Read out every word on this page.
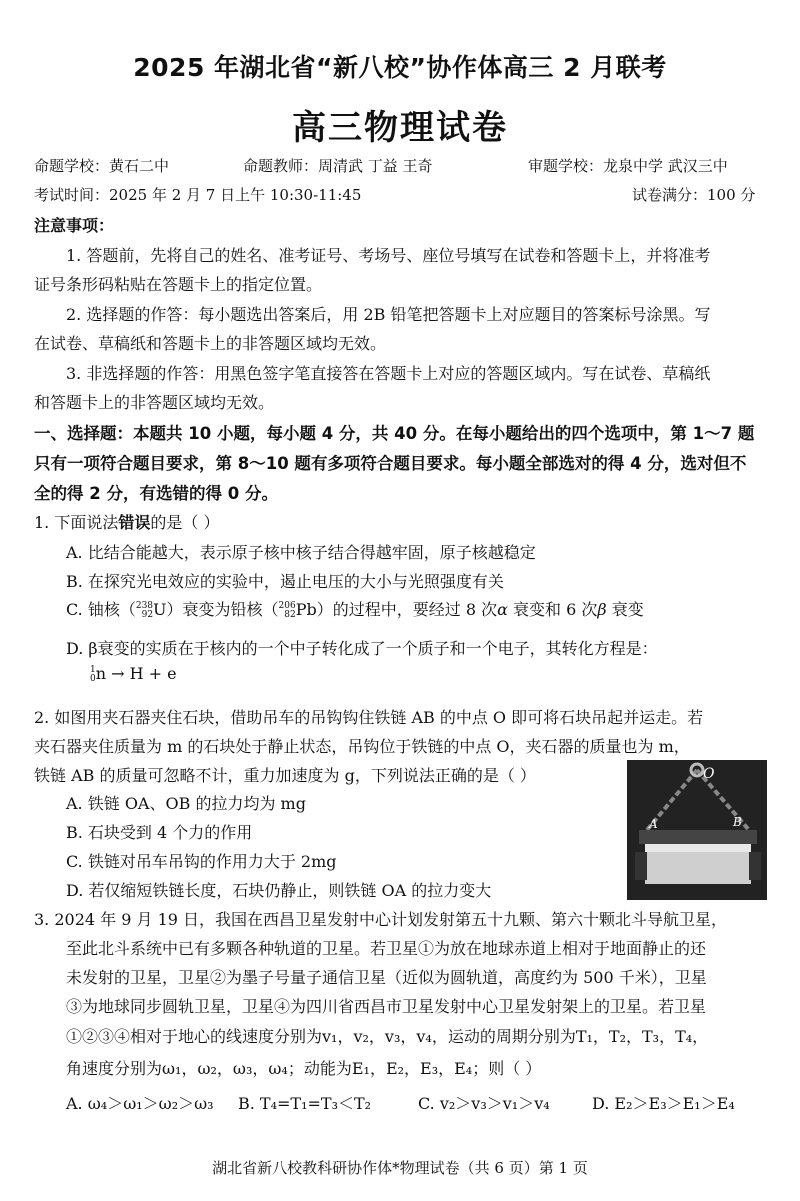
2025 年湖北省“新八校”协作体高三 2 月联考
高三物理试卷
命题学校：黄石二中	命题教师：周清武 丁益 王奇	审题学校：龙泉中学 武汉三中
考试时间：2025 年 2 月 7 日上午 10:30-11:45	试卷满分：100 分
注意事项：
1. 答题前，先将自己的姓名、准考证号、考场号、座位号填写在试卷和答题卡上，并将准考
证号条形码粘贴在答题卡上的指定位置。
2. 选择题的作答：每小题选出答案后，用 2B 铅笔把答题卡上对应题目的答案标号涂黑。写
在试卷、草稿纸和答题卡上的非答题区域均无效。
3. 非选择题的作答：用黑色签字笔直接答在答题卡上对应的答题区域内。写在试卷、草稿纸
和答题卡上的非答题区域均无效。
一、选择题：本题共 10 小题，每小题 4 分，共 40 分。在每小题给出的四个选项中，第 1～7 题
只有一项符合题目要求，第 8～10 题有多项符合题目要求。每小题全部选对的得 4 分，选对但不
全的得 2 分，有选错的得 0 分。
1. 下面说法错误的是（ ）
A. 比结合能越大，表示原子核中核子结合得越牢固，原子核越稳定
B. 在探究光电效应的实验中，遏止电压的大小与光照强度有关
C. 铀核（ 238
92 U）衰变为铅核（ 206
82 Pb）的过程中，要经过 8 次α 衰变和 6 次β 衰变
D. β衰变的实质在于核内的一个中子转化成了一个质子和一个电子，其转化方程是：
1
0 n → H + e
2. 如图用夹石器夹住石块，借助吊车的吊钩钩住铁链 AB 的中点 O 即可将石块吊起并运走。若
夹石器夹住质量为 m 的石块处于静止状态，吊钩位于铁链的中点 O，夹石器的质量也为 m，
铁链 AB 的质量可忽略不计，重力加速度为 g，下列说法正确的是（ ）
A. 铁链 OA、OB 的拉力均为 mg
B. 石块受到 4 个力的作用
C. 铁链对吊车吊钩的作用力大于 2mg
D. 若仅缩短铁链长度，石块仍静止，则铁链 OA 的拉力变大
O
A	B
3. 2024 年 9 月 19 日，我国在西昌卫星发射中心计划发射第五十九颗、第六十颗北斗导航卫星，
至此北斗系统中已有多颗各种轨道的卫星。若卫星①为放在地球赤道上相对于地面静止的还
未发射的卫星，卫星②为墨子号量子通信卫星（近似为圆轨道，高度约为 500 千米），卫星
③为地球同步圆轨卫星，卫星④为四川省西昌市卫星发射中心卫星发射架上的卫星。若卫星
①②③④相对于地心的线速度分别为v₁，v₂，v₃，v₄，运动的周期分别为T₁，T₂，T₃，T₄，
角速度分别为ω₁，ω₂，ω₃，ω₄；动能为E₁，E₂，E₃，E₄；则（ ）
A. ω₄＞ω₁＞ω₂＞ω₃ B. T₄=T₁=T₃＜T₂	C. v₂＞v₃＞v₁＞v₄	D. E₂＞E₃＞E₁＞E₄
湖北省新八校教科研协作体*物理试卷（共 6 页）第 1 页
